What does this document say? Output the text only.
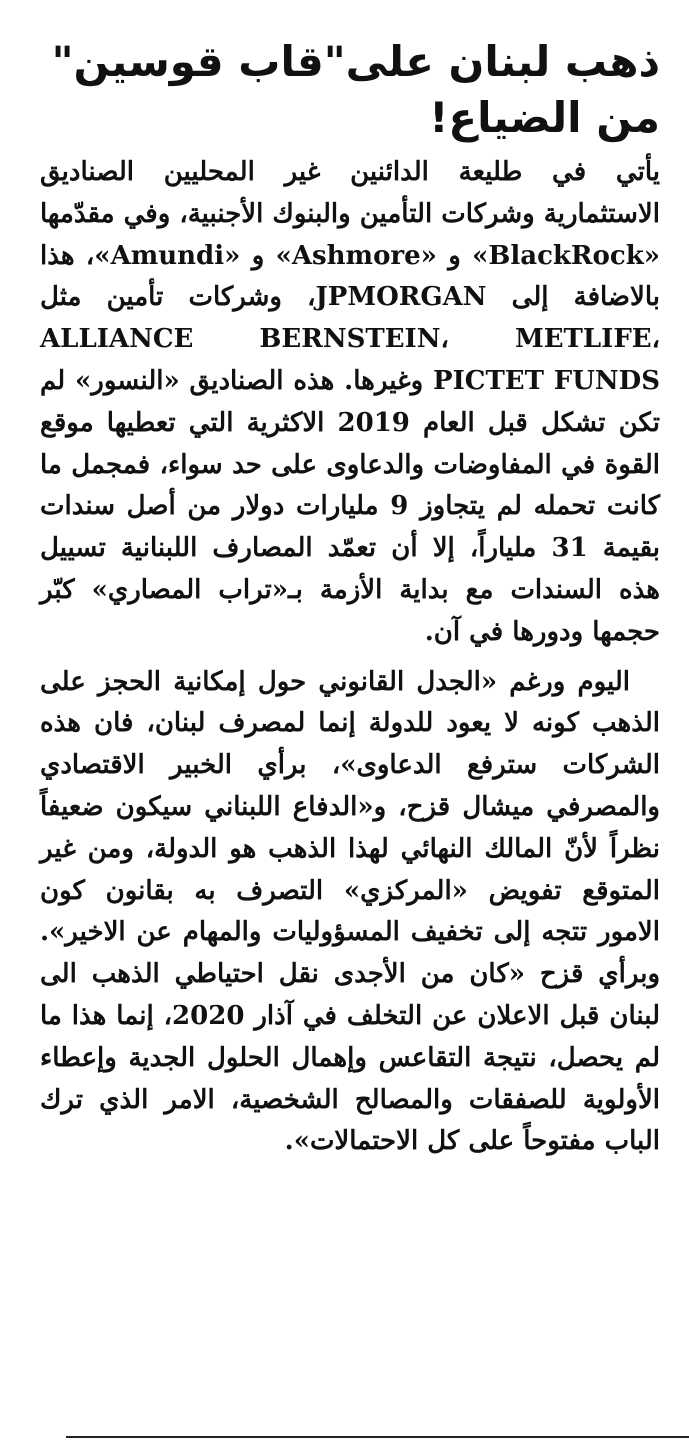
ذهب لبنان على"قاب قوسين"
من الضياع!

يأتي في طليعة الدائنين غير المحليين الصناديق الاستثمارية وشركات التأمين والبنوك الأجنبية، وفي مقدّمها «BlackRock» و «Ashmore» و «Amundi»، هذا بالاضافة إلى JPMORGAN، وشركات تأمين مثل ALLIANCE BERNSTEIN، METLIFE، PICTET FUNDS وغيرها. هذه الصناديق «النسور» لم تكن تشكل قبل العام 2019 الاكثرية التي تعطيها موقع القوة في المفاوضات والدعاوى على حد سواء، فمجمل ما كانت تحمله لم يتجاوز 9 مليارات دولار من أصل سندات بقيمة 31 ملياراً، إلا أن تعمّد المصارف اللبنانية تسييل هذه السندات مع بداية الأزمة بـ«تراب المصاري» كبّر حجمها ودورها في آن.

اليوم ورغم «الجدل القانوني حول إمكانية الحجز على الذهب كونه لا يعود للدولة إنما لمصرف لبنان، فان هذه الشركات سترفع الدعاوى»، برأي الخبير الاقتصادي والمصرفي ميشال قزح، و«الدفاع اللبناني سيكون ضعيفاً نظراً لأنّ المالك النهائي لهذا الذهب هو الدولة، ومن غير المتوقع تفويض «المركزي» التصرف به بقانون كون الامور تتجه إلى تخفيف المسؤوليات والمهام عن الاخير». وبرأي قزح «كان من الأجدى نقل احتياطي الذهب الى لبنان قبل الاعلان عن التخلف في آذار 2020، إنما هذا ما لم يحصل، نتيجة التقاعس وإهمال الحلول الجدية وإعطاء الأولوية للصفقات والمصالح الشخصية، الامر الذي ترك الباب مفتوحاً على كل الاحتمالات».
